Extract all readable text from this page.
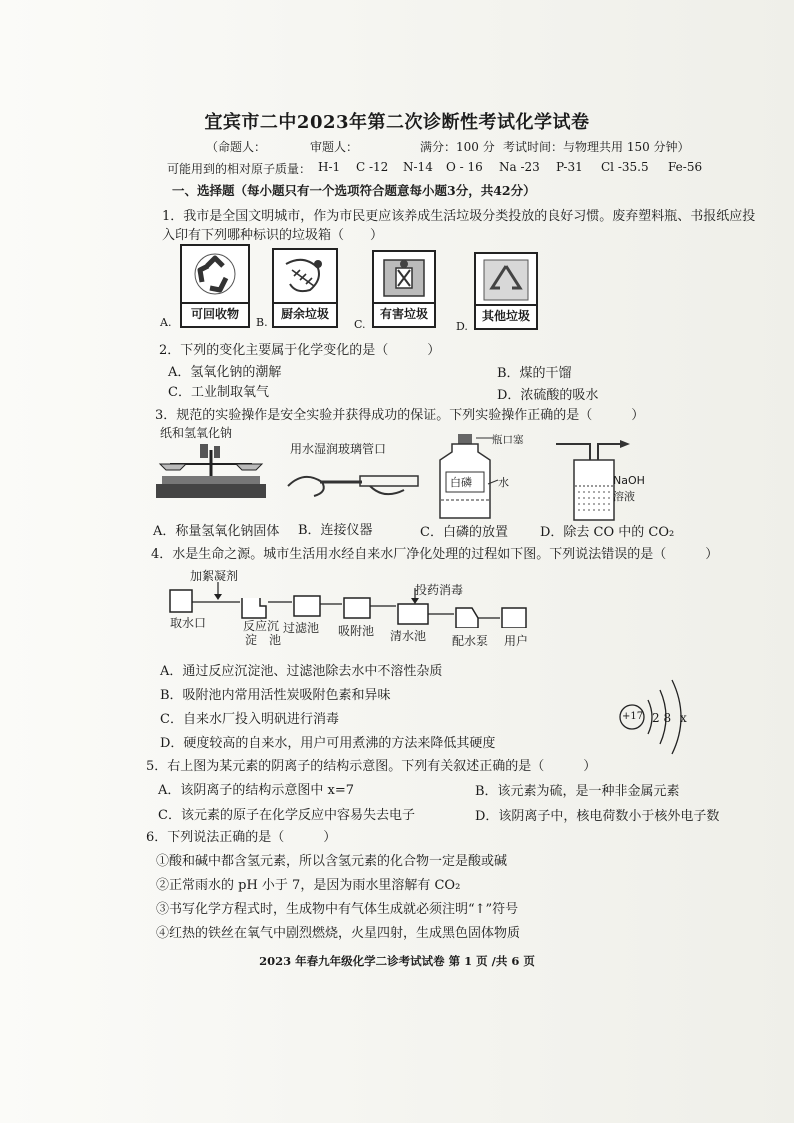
宜宾市二中2023年第二次诊断性考试化学试卷
（命题人：	审题人：	满分：100 分 考试时间：与物理共用 150 分钟）
可能用到的相对原子质量： H-1 C -12 N-14 O - 16 Na -23 P-31 Cl -35.5 Fe-56
一、选择题（每小题只有一个选项符合题意每小题3分，共42分）
1．我市是全国文明城市，作为市民更应该养成生活垃圾分类投放的良好习惯。废弃塑料瓶、书报纸应投
入印有下列哪种标识的垃圾箱（　　）
A.
可回收物
B.
厨余垃圾
C.
有害垃圾
D.
其他垃圾
2．下列的变化主要属于化学变化的是（　　　）
A．氢氧化钠的潮解	B．煤的干馏
C．工业制取氧气	D．浓硫酸的吸水
3．规范的实验操作是安全实验并获得成功的保证。下列实验操作正确的是（　　　）
纸和氢氧化钠
用水湿润玻璃管口
瓶口塞
白磷 水	NaOH
溶液
A．称量氢氧化钠固体 B．连接仪器	C．白磷的放置 D．除去 CO 中的 CO₂
4．水是生命之源。城市生活用水经自来水厂净化处理的过程如下图。下列说法错误的是（　　　）
加絮凝剂
投药消毒
取水口	反应沉
淀　池
过滤池 吸附池 清水池 配水泵 用户
A．通过反应沉淀池、过滤池除去水中不溶性杂质
B．吸附池内常用活性炭吸附色素和异味
C．自来水厂投入明矾进行消毒
D．硬度较高的自来水，用户可用煮沸的方法来降低其硬度
+17 2 8 x
5．右上图为某元素的阴离子的结构示意图。下列有关叙述正确的是（　　　）
A．该阴离子的结构示意图中 x=7	B．该元素为硫，是一种非金属元素
C．该元素的原子在化学反应中容易失去电子	D．该阴离子中，核电荷数小于核外电子数
6．下列说法正确的是（　　　）
①酸和碱中都含氢元素，所以含氢元素的化合物一定是酸或碱
②正常雨水的 pH 小于 7，是因为雨水里溶解有 CO₂
③书写化学方程式时，生成物中有气体生成就必须注明“↑”符号
④红热的铁丝在氧气中剧烈燃烧，火星四射，生成黑色固体物质
2023 年春九年级化学二诊考试试卷 第 1 页 /共 6 页
